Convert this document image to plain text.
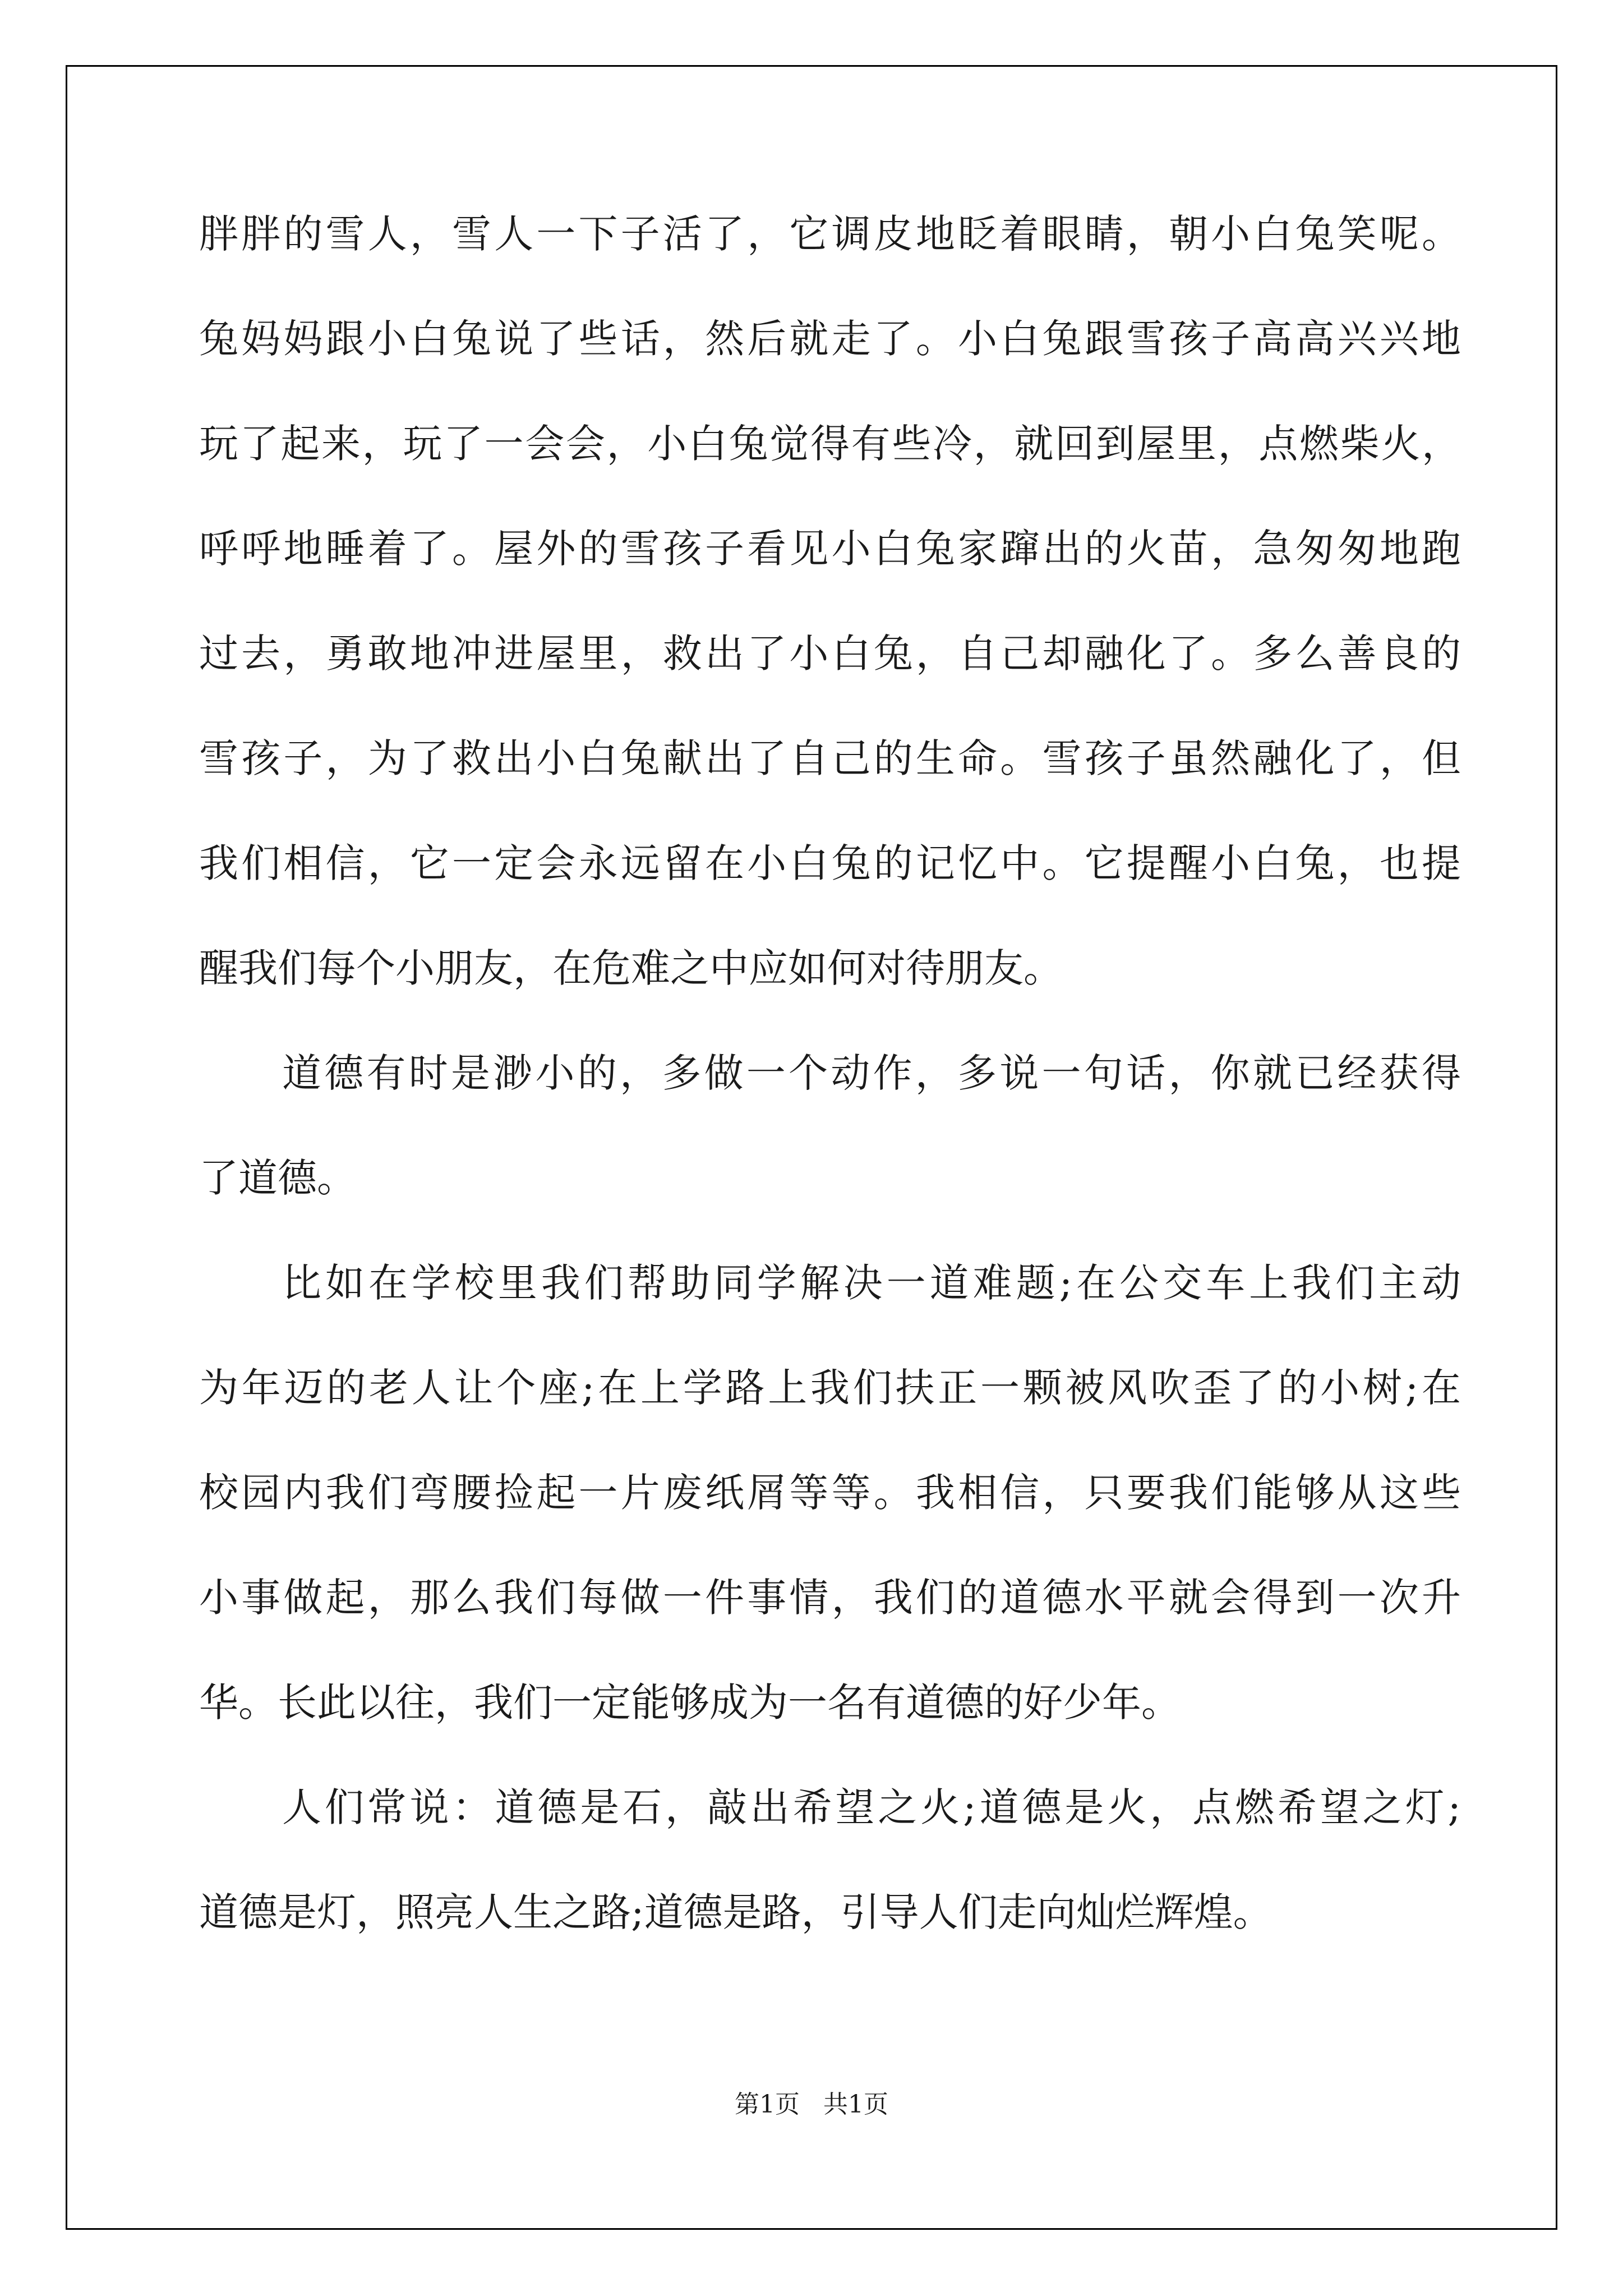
胖胖的雪人，雪人一下子活了，它调皮地眨着眼睛，朝小白兔笑呢。
兔妈妈跟小白兔说了些话，然后就走了。小白兔跟雪孩子高高兴兴地
玩了起来，玩了一会会，小白兔觉得有些冷，就回到屋里，点燃柴火，
呼呼地睡着了。屋外的雪孩子看见小白兔家蹿出的火苗，急匆匆地跑
过去，勇敢地冲进屋里，救出了小白兔，自己却融化了。多么善良的
雪孩子，为了救出小白兔献出了自己的生命。雪孩子虽然融化了，但
我们相信，它一定会永远留在小白兔的记忆中。它提醒小白兔，也提
醒我们每个小朋友，在危难之中应如何对待朋友。
道德有时是渺小的，多做一个动作，多说一句话，你就已经获得
了道德。
比如在学校里我们帮助同学解决一道难题;在公交车上我们主动
为年迈的老人让个座;在上学路上我们扶正一颗被风吹歪了的小树;在
校园内我们弯腰捡起一片废纸屑等等。我相信，只要我们能够从这些
小事做起，那么我们每做一件事情，我们的道德水平就会得到一次升
华。长此以往，我们一定能够成为一名有道德的好少年。
人们常说：道德是石，敲出希望之火;道德是火，点燃希望之灯;
道德是灯，照亮人生之路;道德是路，引导人们走向灿烂辉煌。
第1页   共1页
